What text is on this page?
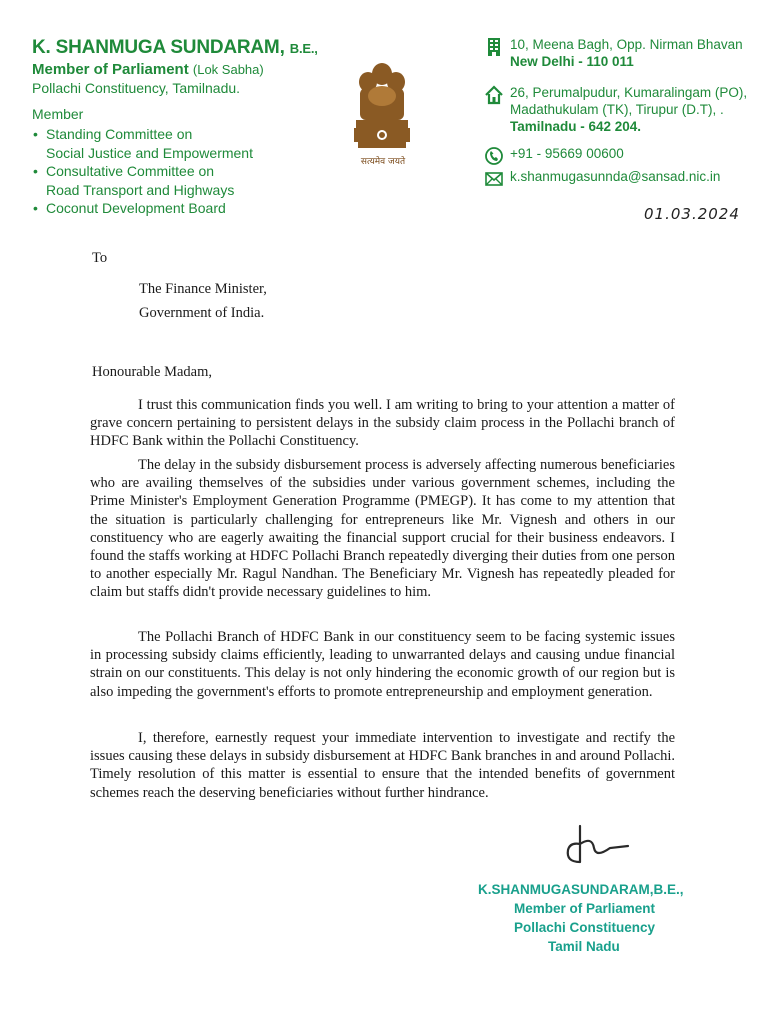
K. SHANMUGA SUNDARAM, B.E.,
Member of Parliament (Lok Sabha)
Pollachi Constituency, Tamilnadu.
Member
• Standing Committee on
Social Justice and Empowerment
• Consultative Committee on
Road Transport and Highways
• Coconut Development Board
सत्यमेव जयते
10, Meena Bagh, Opp. Nirman Bhavan
New Delhi - 110 011
26, Perumalpudur, Kumaralingam (PO),
Madathukulam (TK), Tirupur (D.T), .
Tamilnadu - 642 204.
+91 - 95669 00600
k.shanmugasunnda@sansad.nic.in
01.03.2024
To
The Finance Minister,
Government of India.
Honourable Madam,

I trust this communication finds you well. I am writing to bring to your attention a matter of grave concern pertaining to persistent delays in the subsidy claim process in the Pollachi branch of HDFC Bank within the Pollachi Constituency.

The delay in the subsidy disbursement process is adversely affecting numerous beneficiaries who are availing themselves of the subsidies under various government schemes, including the Prime Minister's Employment Generation Programme (PMEGP). It has come to my attention that the situation is particularly challenging for entrepreneurs like Mr. Vignesh and others in our constituency who are eagerly awaiting the financial support crucial for their business endeavors. I found the staffs working at HDFC Pollachi Branch repeatedly diverging their duties from one person to another especially Mr. Ragul Nandhan. The Beneficiary Mr. Vignesh has repeatedly pleaded for claim but staffs didn't provide necessary guidelines to him.

The Pollachi Branch of HDFC Bank in our constituency seem to be facing systemic issues in processing subsidy claims efficiently, leading to unwarranted delays and causing undue financial strain on our constituents. This delay is not only hindering the economic growth of our region but is also impeding the government's efforts to promote entrepreneurship and employment generation.

I, therefore, earnestly request your immediate intervention to investigate and rectify the issues causing these delays in subsidy disbursement at HDFC Bank branches in and around Pollachi. Timely resolution of this matter is essential to ensure that the intended benefits of government schemes reach the deserving beneficiaries without further hindrance.

K.SHANMUGASUNDARAM,B.E.,
Member of Parliament
Pollachi Constituency
Tamil Nadu
